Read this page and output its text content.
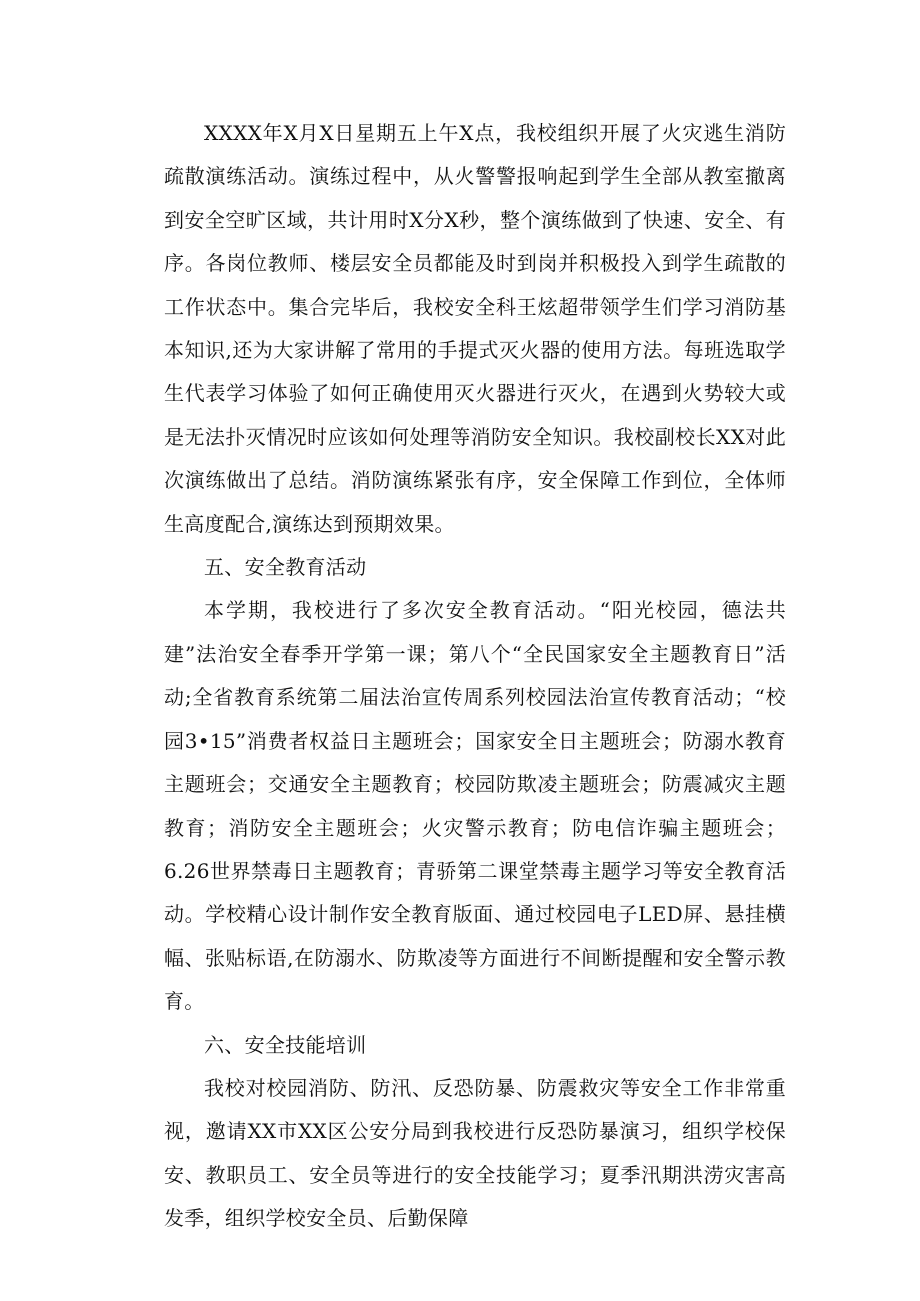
XXXX年X月X日星期五上午X点，我校组织开展了火灾逃生消防疏散演练活动。演练过程中，从火警警报响起到学生全部从教室撤离到安全空旷区域，共计用时X分X秒，整个演练做到了快速、安全、有序。各岗位教师、楼层安全员都能及时到岗并积极投入到学生疏散的工作状态中。集合完毕后，我校安全科王炫超带领学生们学习消防基本知识,还为大家讲解了常用的手提式灭火器的使用方法。每班选取学生代表学习体验了如何正确使用灭火器进行灭火，在遇到火势较大或是无法扑灭情况时应该如何处理等消防安全知识。我校副校长XX对此次演练做出了总结。消防演练紧张有序，安全保障工作到位，全体师生高度配合,演练达到预期效果。

五、安全教育活动

本学期，我校进行了多次安全教育活动。“阳光校园，德法共建”法治安全春季开学第一课；第八个“全民国家安全主题教育日”活动;全省教育系统第二届法治宣传周系列校园法治宣传教育活动；“校园3•15”消费者权益日主题班会；国家安全日主题班会；防溺水教育主题班会；交通安全主题教育；校园防欺凌主题班会；防震减灾主题教育；消防安全主题班会；火灾警示教育；防电信诈骗主题班会；6.26世界禁毒日主题教育；青骄第二课堂禁毒主题学习等安全教育活动。学校精心设计制作安全教育版面、通过校园电子LED屏、悬挂横幅、张贴标语,在防溺水、防欺凌等方面进行不间断提醒和安全警示教育。

六、安全技能培训

我校对校园消防、防汛、反恐防暴、防震救灾等安全工作非常重视，邀请XX市XX区公安分局到我校进行反恐防暴演习，组织学校保安、教职员工、安全员等进行的安全技能学习；夏季汛期洪涝灾害高发季，组织学校安全员、后勤保障
